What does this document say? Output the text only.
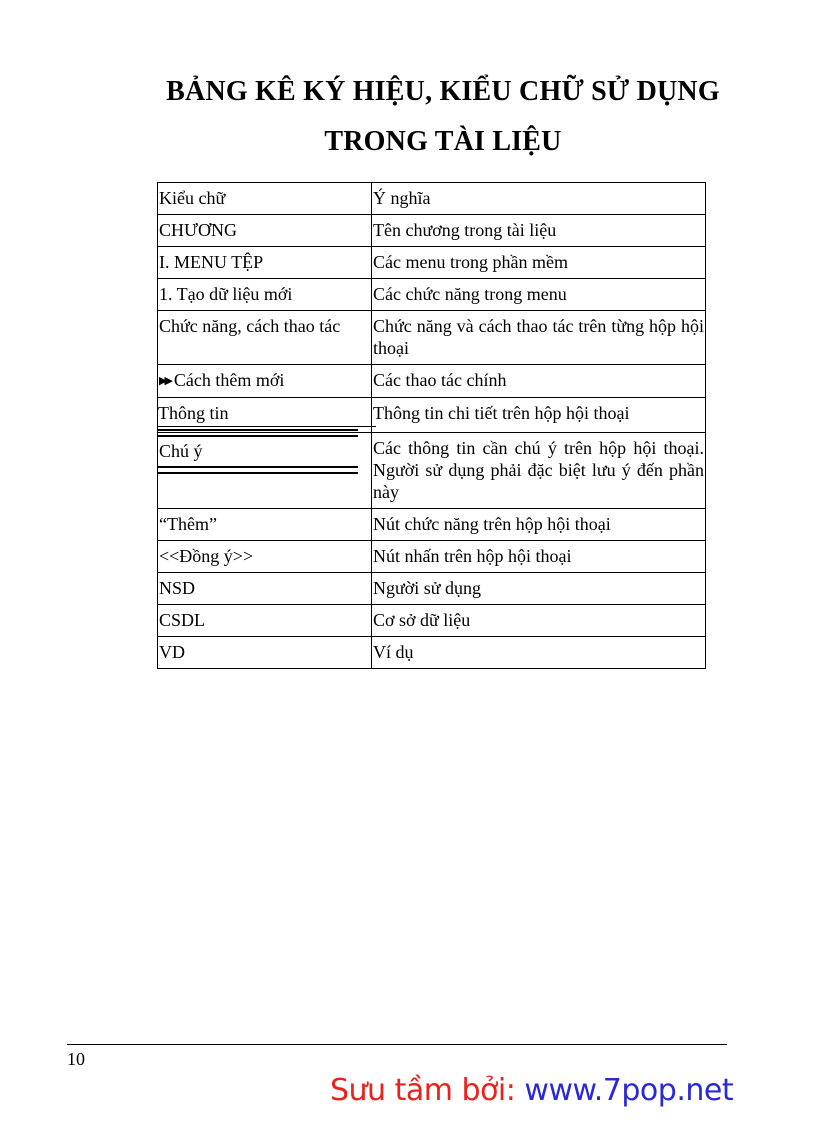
BẢNG KÊ KÝ HIỆU, KIỂU CHỮ SỬ DỤNG
TRONG TÀI LIỆU
Kiểu chữ	Ý nghĩa
CHƯƠNG	Tên chương trong tài liệu
I. MENU TỆP	Các menu trong phần mềm
1. Tạo dữ liệu mới	Các chức năng trong menu
Chức năng, cách thao tác	Chức năng và cách thao tác trên từng hộp hội thoại
▶▶ Cách thêm mới	Các thao tác chính

Thông tin	Thông tin chi tiết trên hộp hội thoại

Chú ý	Các thông tin cần chú ý trên hộp hội thoại. Người sử dụng phải đặc biệt lưu ý đến phần này
“Thêm”	Nút chức năng trên hộp hội thoại
<<Đồng ý>>	Nút nhấn trên hộp hội thoại
NSD	Người sử dụng
CSDL	Cơ sở dữ liệu
VD	Ví dụ
10
Sưu tầm bởi: www.7pop.net
